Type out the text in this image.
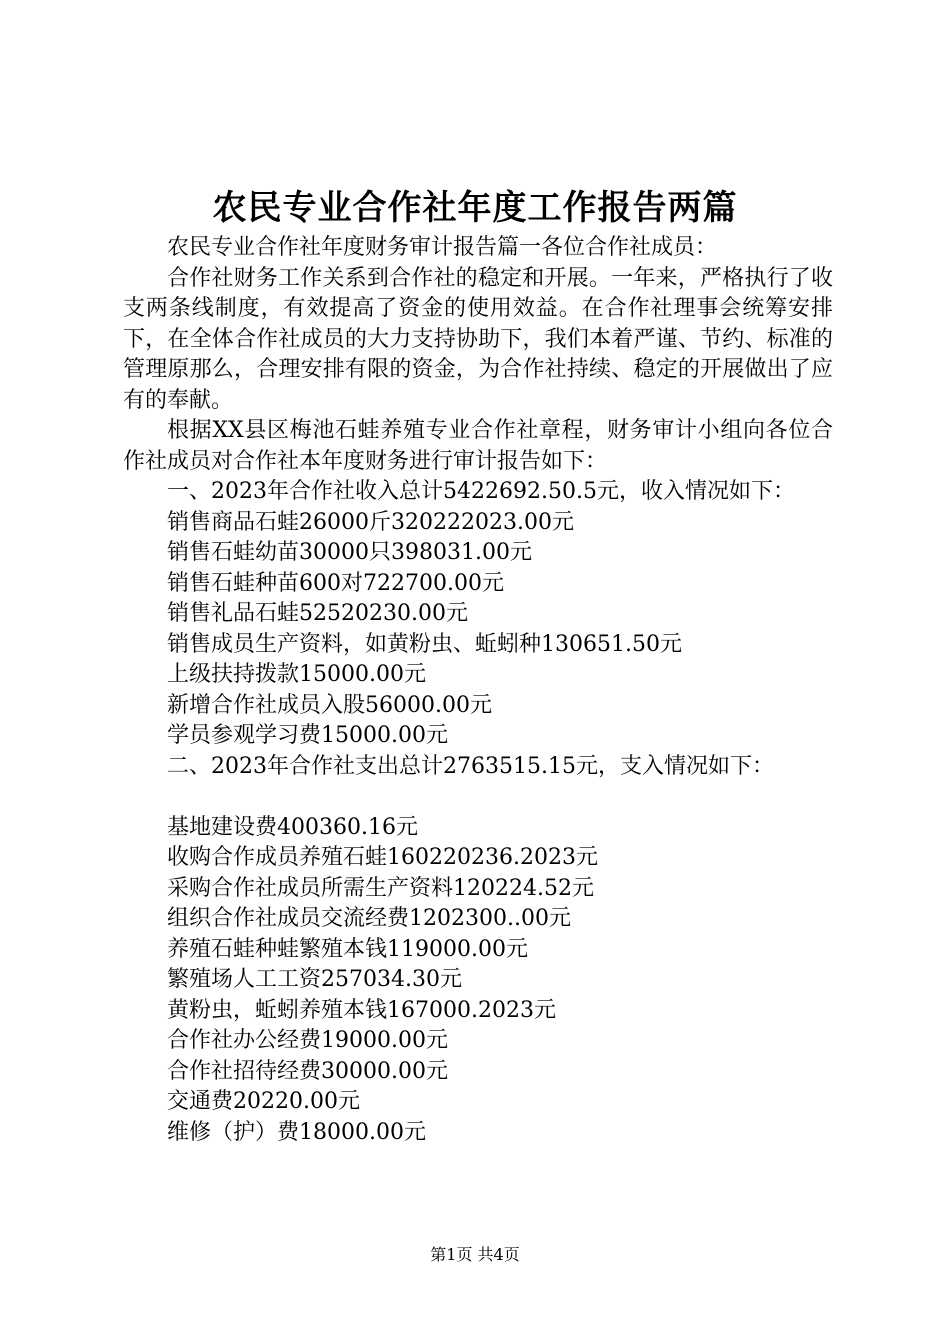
农民专业合作社年度工作报告两篇

农民专业合作社年度财务审计报告篇一各位合作社成员：

合作社财务工作关系到合作社的稳定和开展。一年来，严格执行了收支两条线制度，有效提高了资金的使用效益。在合作社理事会统筹安排下，在全体合作社成员的大力支持协助下，我们本着严谨、节约、标准的管理原那么，合理安排有限的资金，为合作社持续、稳定的开展做出了应有的奉献。

根据XX县区梅池石蛙养殖专业合作社章程，财务审计小组向各位合作社成员对合作社本年度财务进行审计报告如下：

一、2023年合作社收入总计5422692.50.5元，收入情况如下：

销售商品石蛙26000斤320222023.00元

销售石蛙幼苗30000只398031.00元

销售石蛙种苗600对722700.00元

销售礼品石蛙52520230.00元

销售成员生产资料，如黄粉虫、蚯蚓种130651.50元

上级扶持拨款15000.00元

新增合作社成员入股56000.00元

学员参观学习费15000.00元

二、2023年合作社支出总计2763515.15元，支入情况如下：

基地建设费400360.16元

收购合作成员养殖石蛙160220236.2023元

采购合作社成员所需生产资料120224.52元

组织合作社成员交流经费1202300..00元

养殖石蛙种蛙繁殖本钱119000.00元

繁殖场人工工资257034.30元

黄粉虫，蚯蚓养殖本钱167000.2023元

合作社办公经费19000.00元

合作社招待经费30000.00元

交通费20220.00元

维修（护）费18000.00元

第1页 共4页
